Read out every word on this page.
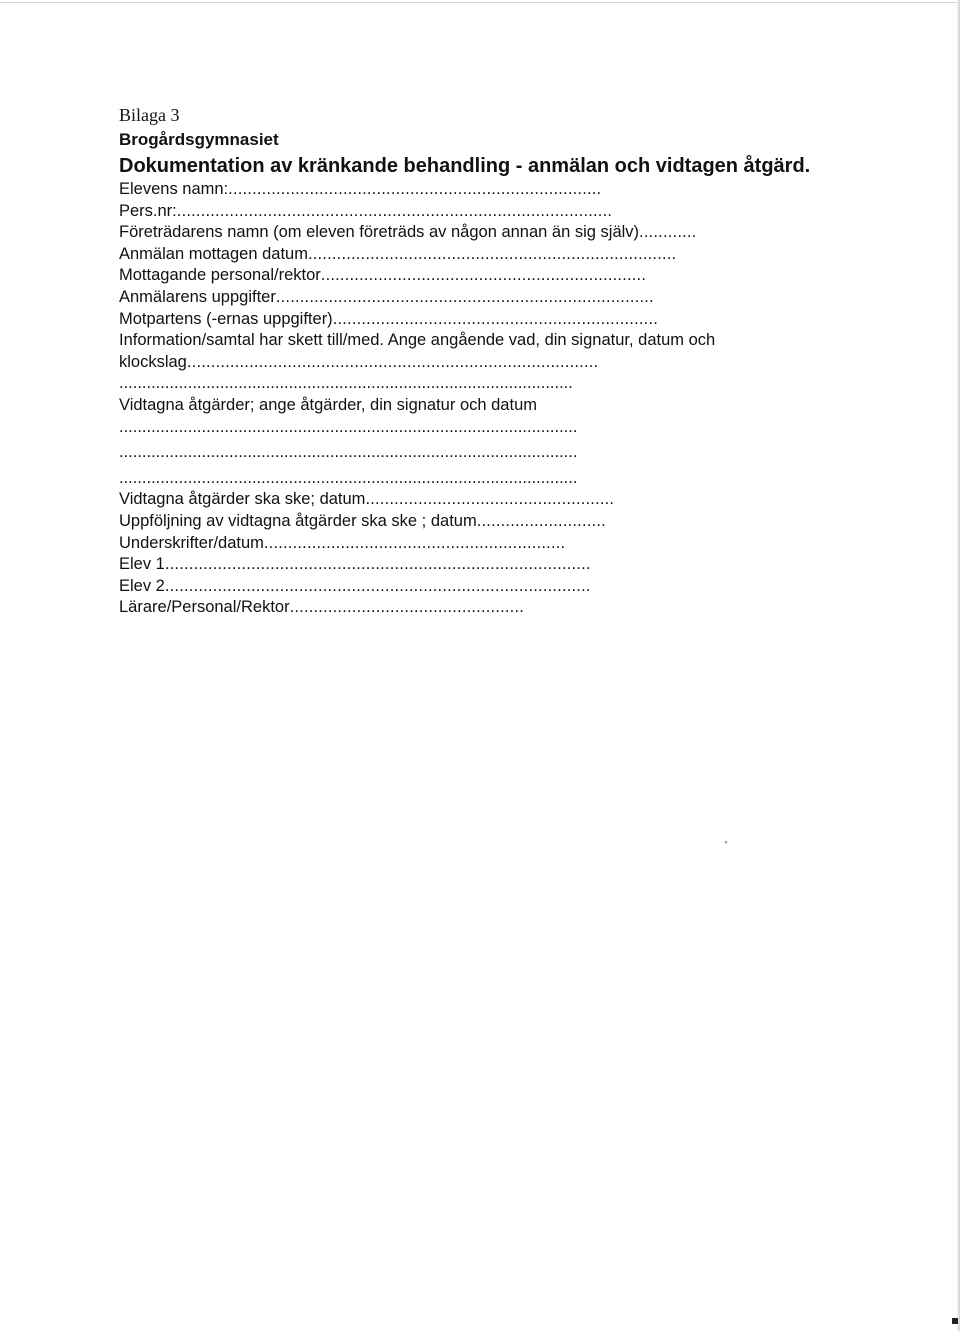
Bilaga 3

Brogårdsgymnasiet

Dokumentation av kränkande behandling - anmälan och vidtagen åtgärd.

Elevens namn:..............................................................................

Pers.nr:...........................................................................................

Företrädarens namn (om eleven företräds av någon annan än sig själv)............

Anmälan mottagen datum.............................................................................

Mottagande personal/rektor....................................................................

Anmälarens uppgifter...............................................................................

Motpartens (-ernas uppgifter)....................................................................

Information/samtal har skett till/med. Ange angående vad, din signatur, datum och

klockslag......................................................................................

...................................................................................................

Vidtagna åtgärder; ange åtgärder, din signatur och datum

....................................................................................................

....................................................................................................

....................................................................................................

Vidtagna åtgärder ska ske; datum....................................................

Uppföljning av vidtagna åtgärder ska ske ; datum...........................

Underskrifter/datum...............................................................

Elev 1.........................................................................................

Elev 2.........................................................................................

Lärare/Personal/Rektor.................................................

°
